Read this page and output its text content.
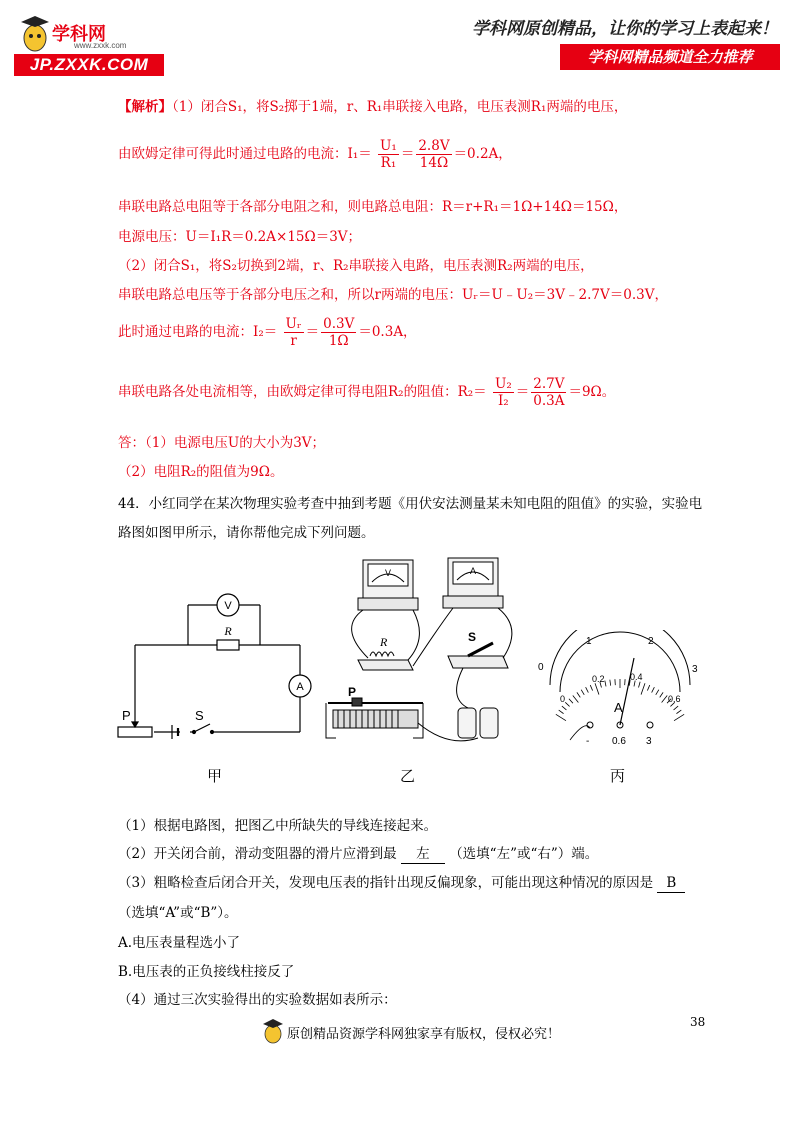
学科网
www.zxxk.com
JP.ZXXK.COM
学科网原创精品，让你的学习上表起来！
学科网精品频道全力推荐
【解析】（1）闭合S₁，将S₂掷于1端，r、R₁串联接入电路，电压表测R₁两端的电压，
由欧姆定律可得此时通过电路的电流：$I_1= \frac{\text{U₁}}{\text{R₁}} = \frac{2.8V}{14\Omega} =0.2A$，
串联电路总电阻等于各部分电阻之和，则电路总电阻：R＝r+R₁＝1Ω+14Ω＝15Ω，
电源电压：U＝I₁R＝0.2A×15Ω＝3V；
（2）闭合S₁，将S₂切换到2端，r、R₂串联接入电路，电压表测R₂两端的电压，
串联电路总电压等于各部分电压之和，所以r两端的电压：Uᵣ＝U﹣U₂＝3V﹣2.7V＝0.3V，
此时通过电路的电流：$I_2= \frac{\text{Uᵣ}}{r} = \frac{0.3V}{1\Omega} =0.3A$，
串联电路各处电流相等，由欧姆定律可得电阻R₂的阻值：$R_2= \frac{\text{U₂}}{\text{I₂}} = \frac{2.7V}{0.3A} =9\Omega$。
答：（1）电源电压U的大小为3V；
（2）电阻R₂的阻值为9Ω。
44．小红同学在某次物理实验考查中抽到考题《用伏安法测量某未知电阻的阻值》的实验，实验电
路图如图甲所示，请你帮他完成下列问题。
V
A
R
P	S
V	A
R	S
P
0
1	2
3
0
0.2	0.4
0.6
A
- 0.6 3
甲	乙	丙
（1）根据电路图，把图乙中所缺失的导线连接起来。
（2）开关闭合前，滑动变阻器的滑片应滑到最 左 （选填“左”或“右”）端。
（3）粗略检查后闭合开关，发现电压表的指针出现反偏现象，可能出现这种情况的原因是 B
（选填“A”或“B”）。
A.电压表量程选小了
B.电压表的正负接线柱接反了
（4）通过三次实验得出的实验数据如表所示：
38
原创精品资源学科网独家享有版权，侵权必究！
